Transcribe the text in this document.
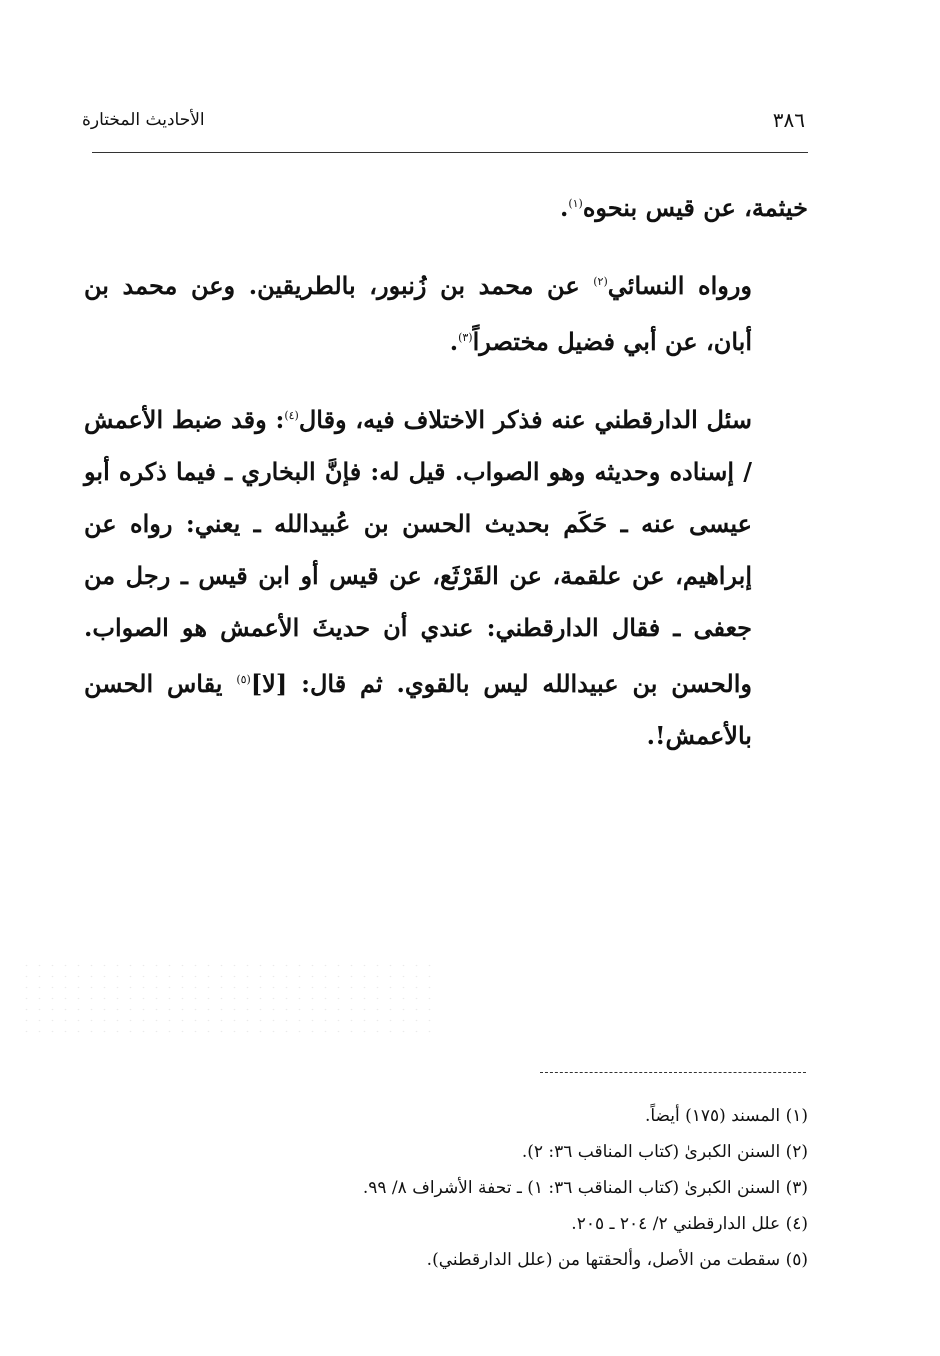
٣٨٦
الأحاديث المختارة

خيثمة، عن قيس بنحوه$^{(١)}$.

ورواه النسائي$^{(٢)}$ عن محمد بن زُنبور، بالطريقين. وعن محمد بن أبان، عن أبي فضيل مختصراً$^{(٣)}$.

سئل الدارقطني عنه فذكر الاختلاف فيه، وقال$^{(٤)}$: وقد ضبط الأعمش / إسناده وحديثه وهو الصواب. قيل له: فإنَّ البخاري ـ فيما ذكره أبو عيسى عنه ـ حَكَم بحديث الحسن بن عُبيدالله ـ يعني: رواه عن إبراهيم، عن علقمة، عن القَرْثَع، عن قيس أو ابن قيس ـ رجل من جعفى ـ فقال الدارقطني: عندي أن حديثَ الأعمش هو الصواب. والحسن بن عبيدالله ليس بالقوي. ثم قال: [لا]$^{(٥)}$ يقاس الحسن بالأعمش!.

(١) المسند (١٧٥) أيضاً.
(٢) السنن الكبرىٰ (كتاب المناقب ٣٦: ٢).
(٣) السنن الكبرىٰ (كتاب المناقب ٣٦: ١) ـ تحفة الأشراف ٨/ ٩٩.
(٤) علل الدارقطني ٢/ ٢٠٤ ـ ٢٠٥.
(٥) سقطت من الأصل، وألحقتها من (علل الدارقطني).
